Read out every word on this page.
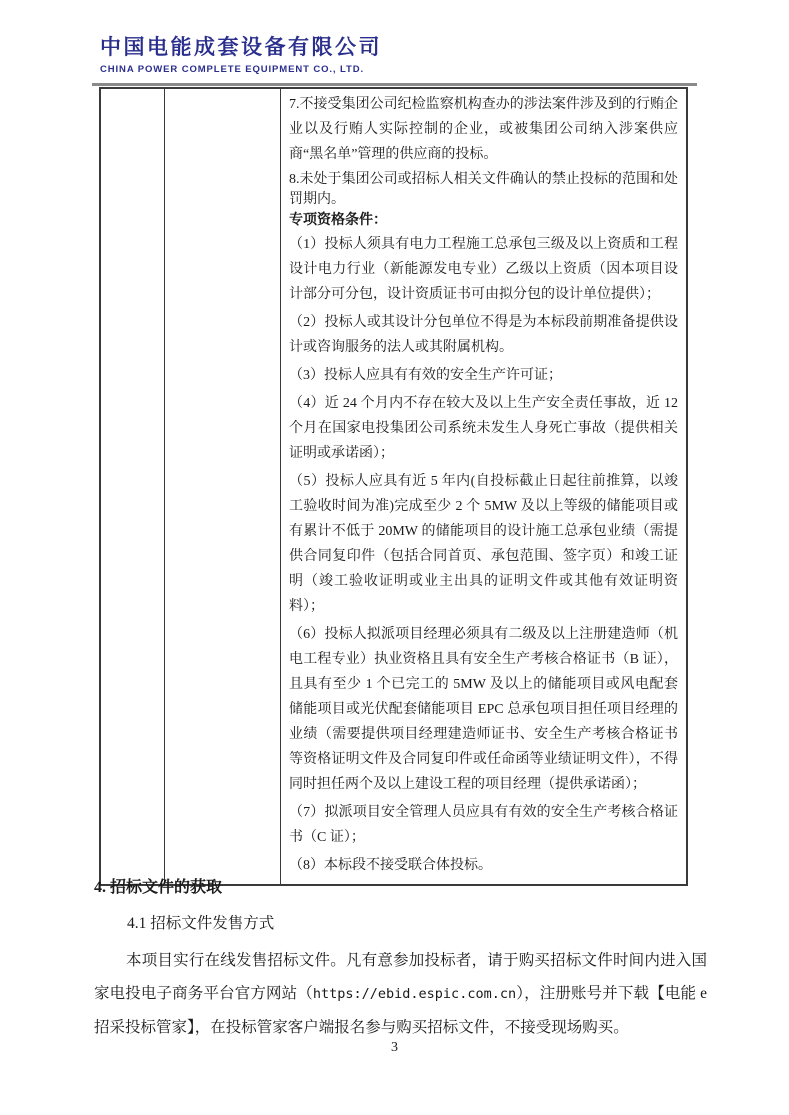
中国电能成套设备有限公司
CHINA POWER COMPLETE EQUIPMENT CO., LTD.

7.不接受集团公司纪检监察机构查办的涉法案件涉及到的行贿企业以及行贿人实际控制的企业，或被集团公司纳入涉案供应商“黑名单”管理的供应商的投标。

8.未处于集团公司或招标人相关文件确认的禁止投标的范围和处罚期内。

专项资格条件：

（1）投标人须具有电力工程施工总承包三级及以上资质和工程设计电力行业（新能源发电专业）乙级以上资质（因本项目设计部分可分包，设计资质证书可由拟分包的设计单位提供）；

（2）投标人或其设计分包单位不得是为本标段前期准备提供设计或咨询服务的法人或其附属机构。

（3）投标人应具有有效的安全生产许可证；

（4）近 24 个月内不存在较大及以上生产安全责任事故，近 12 个月在国家电投集团公司系统未发生人身死亡事故（提供相关证明或承诺函）；

（5）投标人应具有近 5 年内(自投标截止日起往前推算，以竣工验收时间为准)完成至少 2 个 5MW 及以上等级的储能项目或有累计不低于 20MW 的储能项目的设计施工总承包业绩（需提供合同复印件（包括合同首页、承包范围、签字页）和竣工证明（竣工验收证明或业主出具的证明文件或其他有效证明资料）；

（6）投标人拟派项目经理必须具有二级及以上注册建造师（机电工程专业）执业资格且具有安全生产考核合格证书（B 证），且具有至少 1 个已完工的 5MW 及以上的储能项目或风电配套储能项目或光伏配套储能项目 EPC 总承包项目担任项目经理的业绩（需要提供项目经理建造师证书、安全生产考核合格证书等资格证明文件及合同复印件或任命函等业绩证明文件），不得同时担任两个及以上建设工程的项目经理（提供承诺函）；

（7）拟派项目安全管理人员应具有有效的安全生产考核合格证书（C 证）；

（8）本标段不接受联合体投标。

4. 招标文件的获取

4.1 招标文件发售方式

本项目实行在线发售招标文件。凡有意参加投标者，请于购买招标文件时间内进入国家电投电子商务平台官方网站（https://ebid.espic.com.cn），注册账号并下载【电能 e 招采投标管家】，在投标管家客户端报名参与购买招标文件，不接受现场购买。

3
